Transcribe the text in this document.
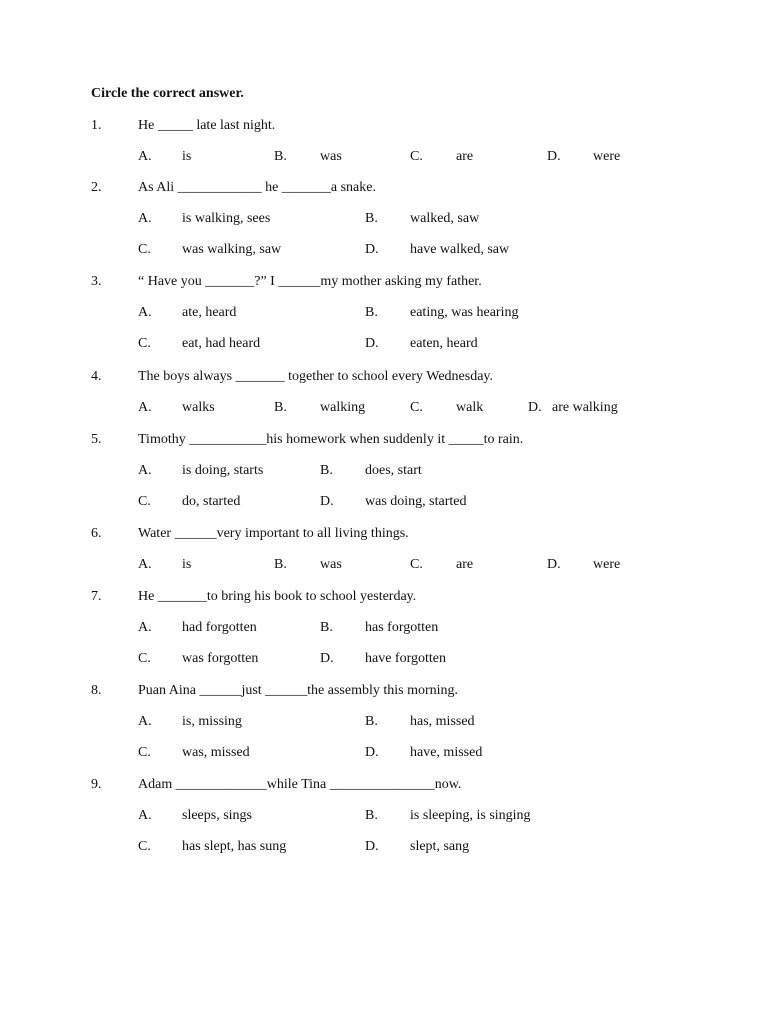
Circle the correct answer.
1.	He _____ late last night.
A. is	B. was	C. are	D. were
2.	As Ali ____________ he _______a snake.
A. is walking, sees	B. walked, saw
C. was walking, saw	D. have walked, saw
3.	“ Have you _______?” I ______my mother asking my father.
A. ate, heard	B. eating, was hearing
C. eat, had heard	D. eaten, heard
4.	The boys always _______ together to school every Wednesday.
A. walks	B. walking	C. walk	D. are walking
5.	Timothy ___________his homework when suddenly it _____to rain.
A. is doing, starts	B. does, start
C. do, started	D. was doing, started
6.	Water ______very important to all living things.
A. is	B. was	C. are	D. were
7.	He _______to bring his book to school yesterday.
A. had forgotten	B. has forgotten
C. was forgotten	D. have forgotten
8.	Puan Aina ______just ______the assembly this morning.
A. is, missing	B. has, missed
C. was, missed	D. have, missed
9.	Adam _____________while Tina _______________now.
A. sleeps, sings	B. is sleeping, is singing
C. has slept, has sung	D. slept, sang
